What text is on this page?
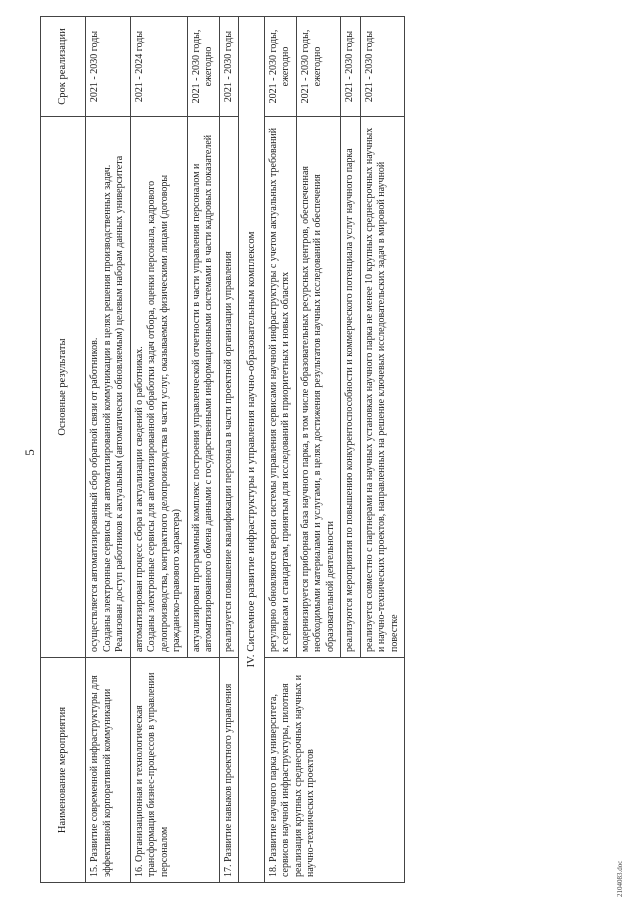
5
Наименование мероприятия	Основные результаты	Срок реализации
15. Развитие современной инфраструктуры для эффективной корпоративной коммуникации	осуществляется автоматизированный сбор обратной связи от работников. Созданы электронные сервисы для автоматизированной коммуникации в целях решения производственных задач. Реализован доступ работников к актуальным (автоматически обновляемым) целевым наборам данных университета	2021 - 2030 годы
16. Организационная и технологическая трансформация бизнес-процессов в управлении персоналом	автоматизирован процесс сбора и актуализации сведений о работниках. Созданы электронные сервисы для автоматизированной обработки задач отбора, оценки персонала, кадрового делопроизводства, контрактного делопроизводства в части услуг, оказываемых физическими лицами (договоры гражданско-правового характера)	2021 - 2024 годы
	актуализирован программный комплекс построения управленческой отчетности в части управления персоналом и автоматизированного обмена данными с государственными информационными системами в части кадровых показателей	2021 - 2030 годы, ежегодно
17. Развитие навыков проектного управления	реализуется повышение квалификации персонала в части проектной организации управления	2021 - 2030 годы
IV. Системное развитие инфраструктуры и управления научно-образовательным комплексом		
18. Развитие научного парка университета, сервисов научной инфраструктуры, пилотная реализация крупных среднесрочных научных и научно-технических проектов	регулярно обновляются версии системы управления сервисами научной инфраструктуры с учетом актуальных требований к сервисам и стандартам, принятым для исследований в приоритетных и новых областях	2021 - 2030 годы, ежегодно
	модернизируется приборная база научного парка, в том числе образовательных ресурсных центров, обеспеченная необходимыми материалами и услугами, в целях достижения результатов научных исследований и обеспечения образовательной деятельности	2021 - 2030 годы, ежегодно
	реализуются мероприятия по повышению конкурентоспособности и коммерческого потенциала услуг научного парка	2021 - 2030 годы
	реализуется совместно с партнерами на научных установках научного парка не менее 10 крупных среднесрочных научных и научно-технических проектов, направленных на решение ключевых исследовательских задач в мировой научной повестке	2021 - 2030 годы
2104083.doc
